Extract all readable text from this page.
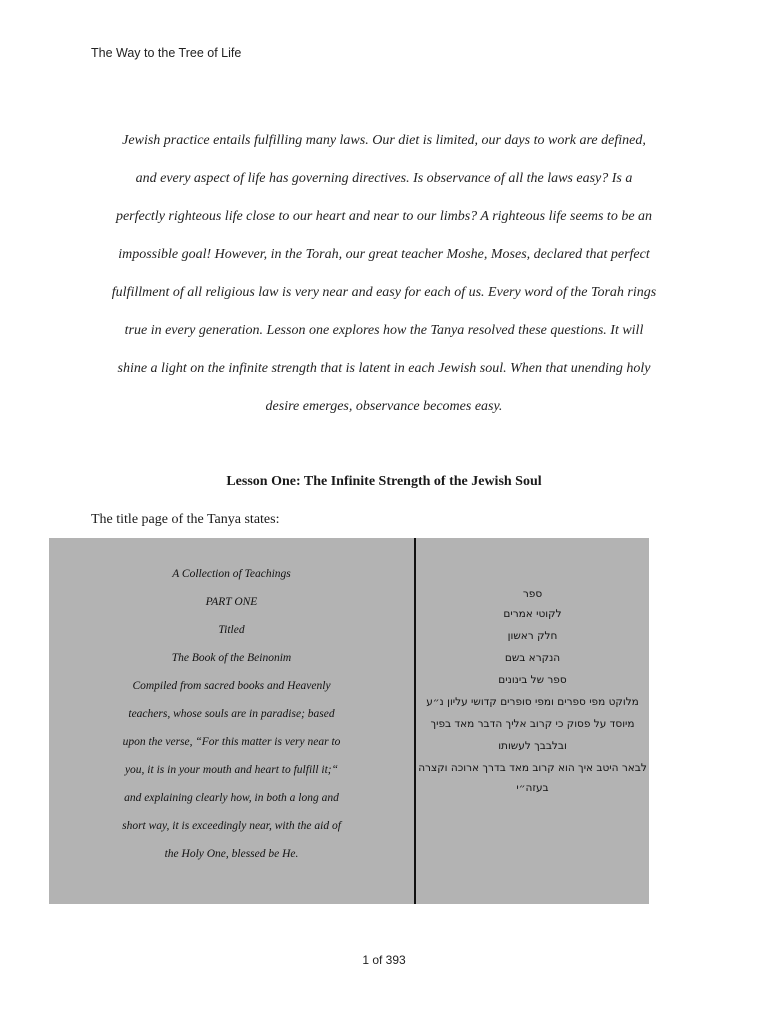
The Way to the Tree of Life
Jewish practice entails fulfilling many laws. Our diet is limited, our days to work are defined,
and every aspect of life has governing directives. Is observance of all the laws easy? Is a
perfectly righteous life close to our heart and near to our limbs? A righteous life seems to be an
impossible goal! However, in the Torah, our great teacher Moshe, Moses, declared that perfect
fulfillment of all religious law is very near and easy for each of us. Every word of the Torah rings
true in every generation. Lesson one explores how the Tanya resolved these questions. It will
shine a light on the infinite strength that is latent in each Jewish soul. When that unending holy
desire emerges, observance becomes easy.
Lesson One: The Infinite Strength of the Jewish Soul
The title page of the Tanya states:
A Collection of Teachings
PART ONE
Titled
The Book of the Beinonim
Compiled from sacred books and Heavenly
teachers, whose souls are in paradise; based
upon the verse, “For this matter is very near to
you, it is in your mouth and heart to fulfill it;“
and explaining clearly how, in both a long and
short way, it is exceedingly near, with the aid of
the Holy One, blessed be He.
ספר
לקוטי אמרים
חלק ראשון
הנקרא בשם
ספר של בינונים
מלוקט מפי ספרים ומפי סופרים קדושי עליון נ״ע
מיוסד על פסוק כי קרוב אליך הדבר מאד בפיך
ובלבבך לעשותו
לבאר היטב איך הוא קרוב מאד בדרך ארוכה וקצרה
בעזה״י
1 of 393
